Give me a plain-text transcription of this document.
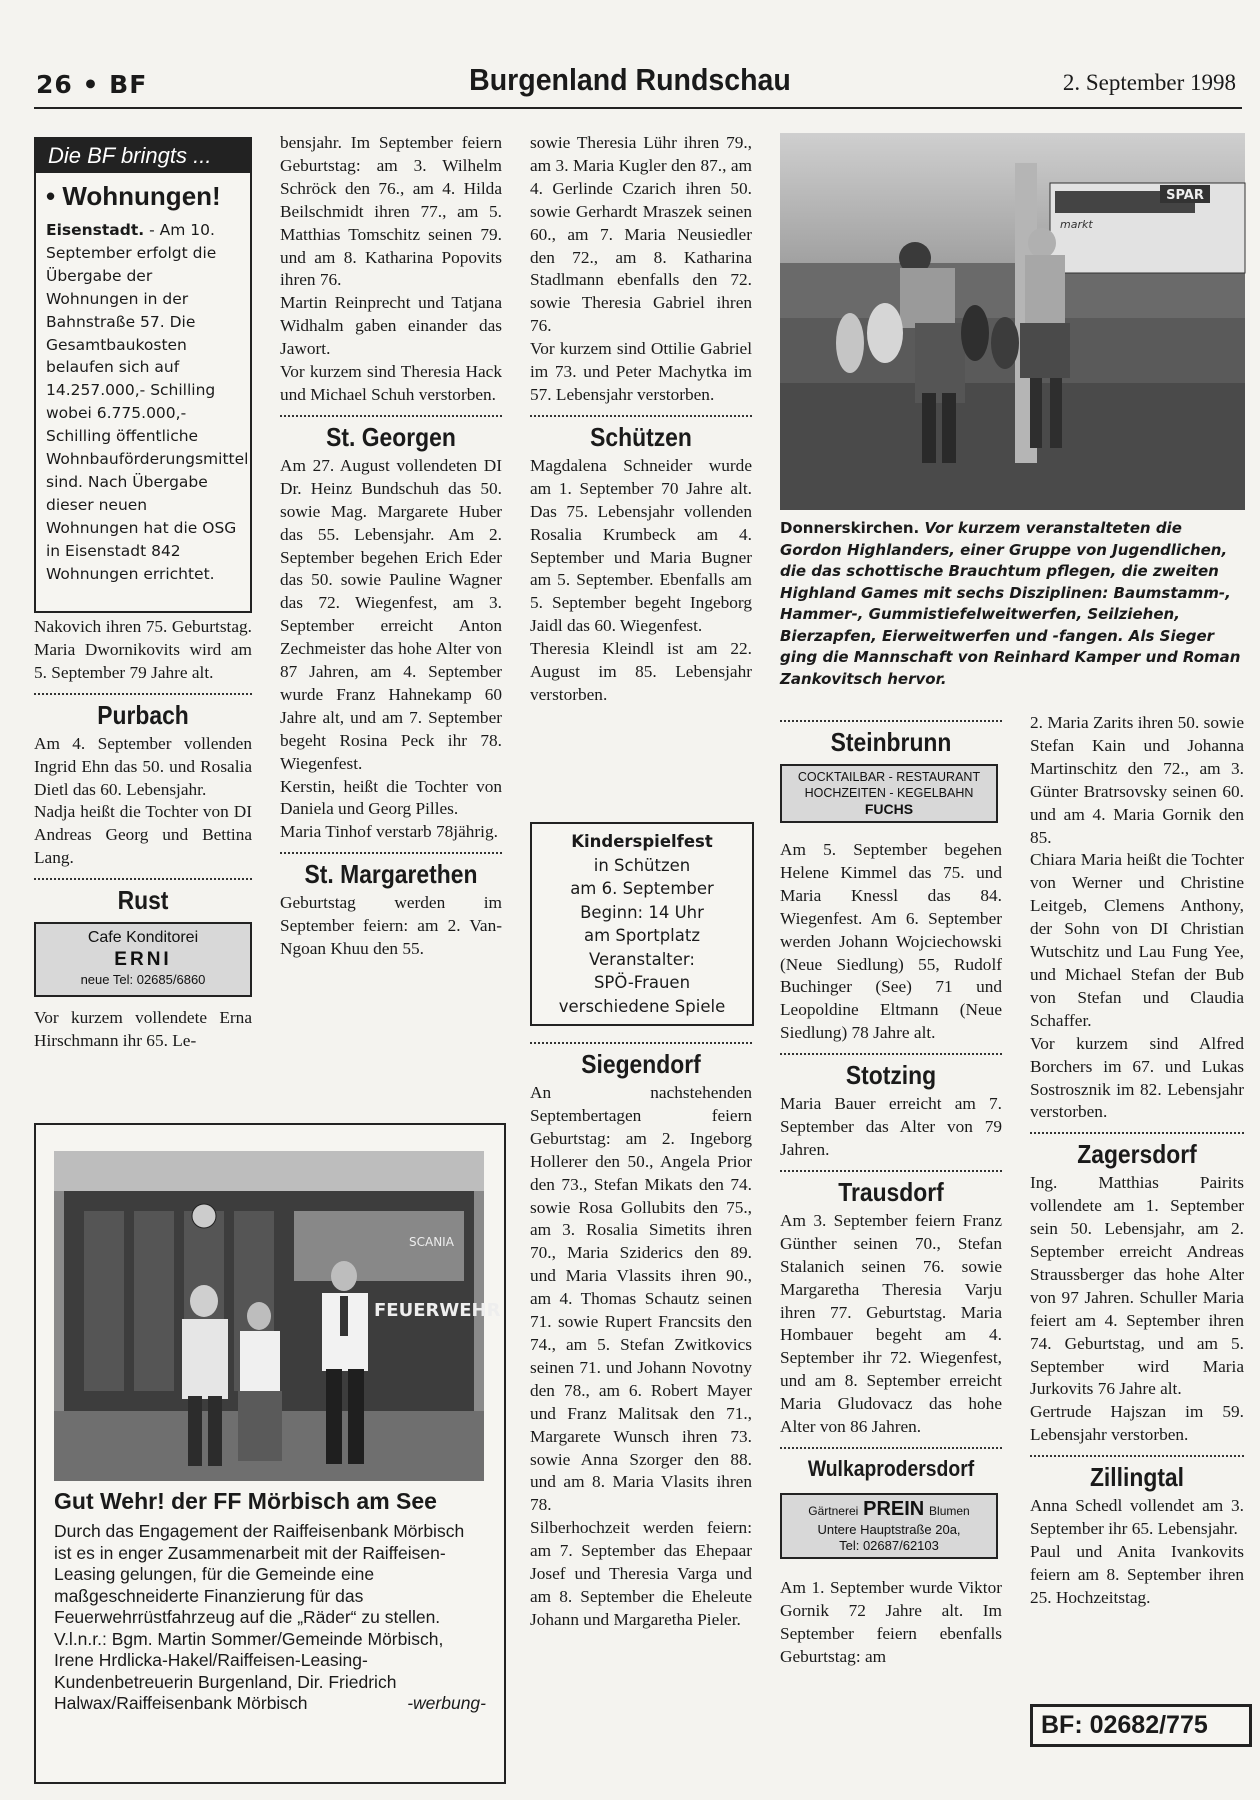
26 • BF	Burgenland Rundschau	2. September 1998
Die BF bringts ...
• Wohnungen!
Eisenstadt. - Am 10. September erfolgt die Übergabe der Wohnungen in der Bahnstraße 57. Die Gesamtbaukosten belaufen sich auf 14.257.000,- Schilling wobei 6.775.000,- Schilling öffentliche Wohnbauförderungsmittel sind. Nach Übergabe dieser neuen Wohnungen hat die OSG in Eisenstadt 842 Wohnungen errichtet.

Nakovich ihren 75. Geburtstag. Maria Dwornikovits wird am 5. September 79 Jahre alt.

Purbach

Am 4. September vollenden Ingrid Ehn das 50. und Rosalia Dietl das 60. Lebensjahr.

Nadja heißt die Tochter von DI Andreas Georg und Bettina Lang.

Rust
Cafe Konditorei
ERNI
neue Tel: 02685/6860

Vor kurzem vollendete Erna Hirschmann ihr 65. Le-

bensjahr. Im September feiern Geburtstag: am 3. Wilhelm Schröck den 76., am 4. Hilda Beilschmidt ihren 77., am 5. Matthias Tomschitz seinen 79. und am 8. Katharina Popovits ihren 76.

Martin Reinprecht und Tatjana Widhalm gaben einander das Jawort.

Vor kurzem sind Theresia Hack und Michael Schuh verstorben.

St. Georgen

Am 27. August vollendeten DI Dr. Heinz Bundschuh das 50. sowie Mag. Margarete Huber das 55. Lebensjahr. Am 2. September begehen Erich Eder das 50. sowie Pauline Wagner das 72. Wiegenfest, am 3. September erreicht Anton Zechmeister das hohe Alter von 87 Jahren, am 4. September wurde Franz Hahnekamp 60 Jahre alt, und am 7. September begeht Rosina Peck ihr 78. Wiegenfest.

Kerstin, heißt die Tochter von Daniela und Georg Pilles.

Maria Tinhof verstarb 78jährig.

St. Margarethen

Geburtstag werden im September feiern: am 2. Van-Ngoan Khuu den 55.

sowie Theresia Lühr ihren 79., am 3. Maria Kugler den 87., am 4. Gerlinde Czarich ihren 50. sowie Gerhardt Mraszek seinen 60., am 7. Maria Neusiedler den 72., am 8. Katharina Stadlmann ebenfalls den 72. sowie Theresia Gabriel ihren 76.

Vor kurzem sind Ottilie Gabriel im 73. und Peter Machytka im 57. Lebensjahr verstorben.

Schützen

Magdalena Schneider wurde am 1. September 70 Jahre alt. Das 75. Lebensjahr vollenden Rosalia Krumbeck am 4. September und Maria Bugner am 5. September. Ebenfalls am 5. September begeht Ingeborg Jaidl das 60. Wiegenfest.

Theresia Kleindl ist am 22. August im 85. Lebensjahr verstorben.

Kinderspielfest
in Schützen
am 6. September
Beginn: 14 Uhr
am Sportplatz
Veranstalter:
SPÖ-Frauen
verschiedene Spiele
Siegendorf

An nachstehenden Septembertagen feiern Geburtstag: am 2. Ingeborg Hollerer den 50., Angela Prior den 73., Stefan Mikats den 74. sowie Rosa Gollubits den 75., am 3. Rosalia Simetits ihren 70., Maria Sziderics den 89. und Maria Vlassits ihren 90., am 4. Thomas Schautz seinen 71. sowie Rupert Francsits den 74., am 5. Stefan Zwitkovics seinen 71. und Johann Novotny den 78., am 6. Robert Mayer und Franz Malitsak den 71., Margarete Wunsch ihren 73. sowie Anna Szorger den 88. und am 8. Maria Vlasits ihren 78.

Silberhochzeit werden feiern: am 7. September das Ehepaar Josef und Theresia Varga und am 8. September die Eheleute Johann und Margaretha Pieler.

SPAR
markt
Donnerskirchen. Vor kurzem veranstalteten die Gordon Highlanders, einer Gruppe von Jugendlichen, die das schottische Brauchtum pflegen, die zweiten Highland Games mit sechs Disziplinen: Baumstamm-, Hammer-, Gummistiefelweitwerfen, Seilziehen, Bierzapfen, Eierweitwerfen und -fangen. Als Sieger ging die Mannschaft von Reinhard Kamper und Roman Zankovitsch hervor.
Steinbrunn
COCKTAILBAR - RESTAURANT
HOCHZEITEN - KEGELBAHN
FUCHS

Am 5. September begehen Helene Kimmel das 75. und Maria Knessl das 84. Wiegenfest. Am 6. September werden Johann Wojciechowski (Neue Siedlung) 55, Rudolf Buchinger (See) 71 und Leopoldine Eltmann (Neue Siedlung) 78 Jahre alt.

Stotzing

Maria Bauer erreicht am 7. September das Alter von 79 Jahren.

Trausdorf

Am 3. September feiern Franz Günther seinen 70., Stefan Stalanich seinen 76. sowie Margaretha Theresia Varju ihren 77. Geburtstag. Maria Hombauer begeht am 4. September ihr 72. Wiegenfest, und am 8. September erreicht Maria Gludovacz das hohe Alter von 86 Jahren.

Wulkaprodersdorf
Gärtnerei PREIN Blumen
Untere Hauptstraße 20a,
Tel: 02687/62103

Am 1. September wurde Viktor Gornik 72 Jahre alt. Im September feiern ebenfalls Geburtstag: am

2. Maria Zarits ihren 50. sowie Stefan Kain und Johanna Martinschitz den 72., am 3. Günter Bratrsovsky seinen 60. und am 4. Maria Gornik den 85.

Chiara Maria heißt die Tochter von Werner und Christine Leitgeb, Clemens Anthony, der Sohn von DI Christian Wutschitz und Lau Fung Yee, und Michael Stefan der Bub von Stefan und Claudia Schaffer.

Vor kurzem sind Alfred Borchers im 67. und Lukas Sostrosznik im 82. Lebensjahr verstorben.

Zagersdorf

Ing. Matthias Pairits vollendete am 1. September sein 50. Lebensjahr, am 2. September erreicht Andreas Straussberger das hohe Alter von 97 Jahren. Schuller Maria feiert am 4. September ihren 74. Geburtstag, und am 5. September wird Maria Jurkovits 76 Jahre alt.

Gertrude Hajszan im 59. Lebensjahr verstorben.

Zillingtal

Anna Schedl vollendet am 3. September ihr 65. Lebensjahr.

Paul und Anita Ivankovits feiern am 8. September ihren 25. Hochzeitstag.

BF: 02682/775
SCANIA
FEUERWEHR
Gut Wehr! der FF Mörbisch am See
Durch das Engagement der Raiffeisenbank Mörbisch ist es in enger Zusammenarbeit mit der Raiffeisen-Leasing gelungen, für die Gemeinde eine maßgeschneiderte Finanzierung für das Feuerwehrrüstfahrzeug auf die „Räder“ zu stellen.
V.l.n.r.: Bgm. Martin Sommer/Gemeinde Mörbisch, Irene Hrdlicka-Hakel/Raiffeisen-Leasing-Kundenbetreuerin Burgenland, Dir. Friedrich Halwax/Raiffeisenbank Mörbisch	-werbung-
